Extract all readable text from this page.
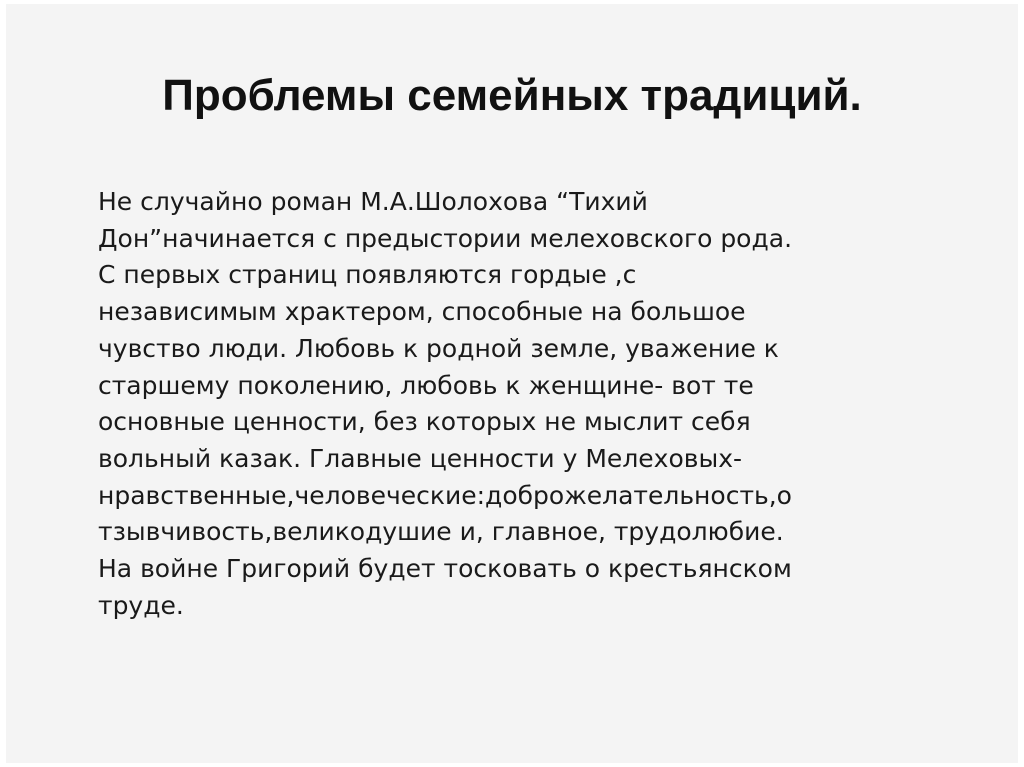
Проблемы семейных традиций.
Не случайно роман М.А.Шолохова “Тихий
Дон”начинается с предыстории мелеховского рода.
С первых страниц появляются гордые ,с
независимым храктером, способные на большое
чувство люди. Любовь к родной земле, уважение к
старшему поколению, любовь к женщине- вот те
основные ценности, без которых не мыслит себя
вольный казак. Главные ценности у Мелеховых-
нравственные,человеческие:доброжелательность,о
тзывчивость,великодушие и, главное, трудолюбие.
На войне Григорий будет тосковать о крестьянском
труде.
